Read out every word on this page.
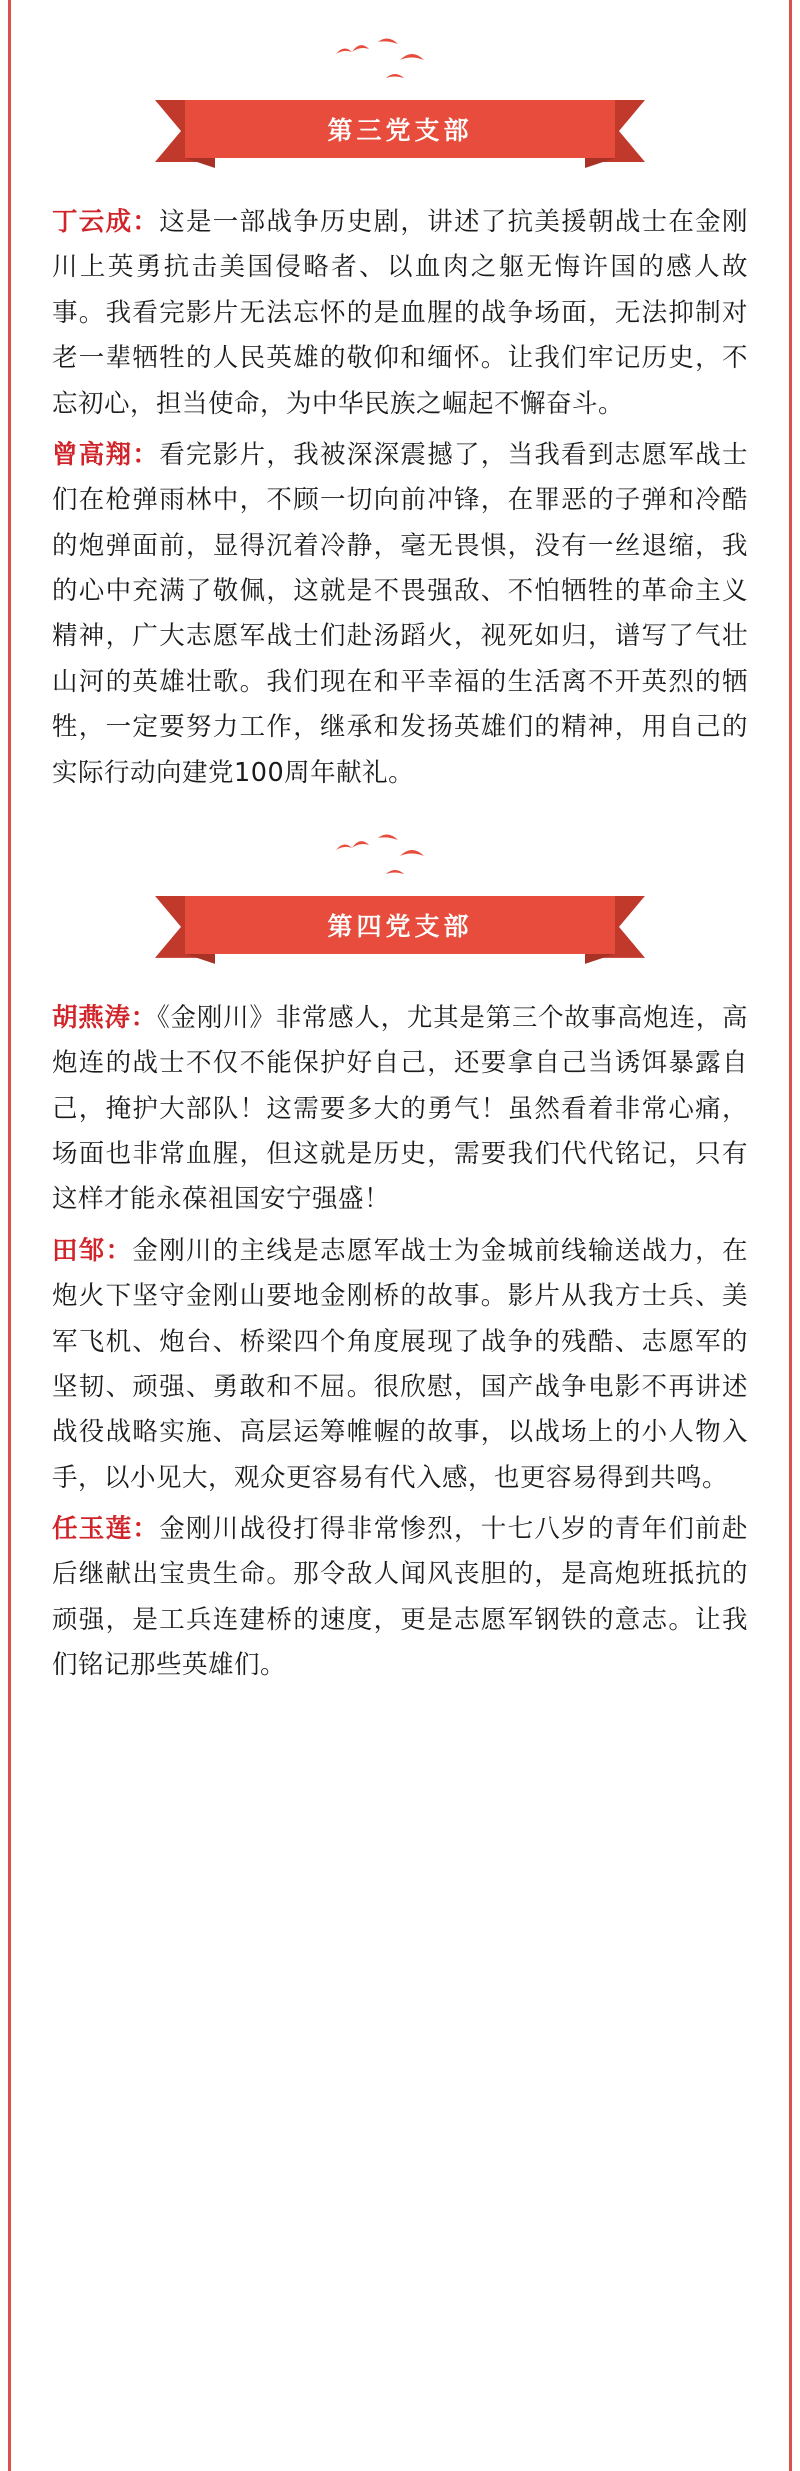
第三党支部

丁云成：这是一部战争历史剧，讲述了抗美援朝战士在金刚川上英勇抗击美国侵略者、以血肉之躯无悔许国的感人故事。我看完影片无法忘怀的是血腥的战争场面，无法抑制对老一辈牺牲的人民英雄的敬仰和缅怀。让我们牢记历史，不忘初心，担当使命，为中华民族之崛起不懈奋斗。

曾高翔：看完影片，我被深深震撼了，当我看到志愿军战士们在枪弹雨林中，不顾一切向前冲锋，在罪恶的子弹和冷酷的炮弹面前，显得沉着冷静，毫无畏惧，没有一丝退缩，我的心中充满了敬佩，这就是不畏强敌、不怕牺牲的革命主义精神，广大志愿军战士们赴汤蹈火，视死如归，谱写了气壮山河的英雄壮歌。我们现在和平幸福的生活离不开英烈的牺牲，一定要努力工作，继承和发扬英雄们的精神，用自己的实际行动向建党100周年献礼。

第四党支部

胡燕涛：《金刚川》非常感人，尤其是第三个故事高炮连，高炮连的战士不仅不能保护好自己，还要拿自己当诱饵暴露自己，掩护大部队！这需要多大的勇气！虽然看着非常心痛，场面也非常血腥，但这就是历史，需要我们代代铭记，只有这样才能永葆祖国安宁强盛！

田邹：金刚川的主线是志愿军战士为金城前线输送战力，在炮火下坚守金刚山要地金刚桥的故事。影片从我方士兵、美军飞机、炮台、桥梁四个角度展现了战争的残酷、志愿军的坚韧、顽强、勇敢和不屈。很欣慰，国产战争电影不再讲述战役战略实施、高层运筹帷幄的故事，以战场上的小人物入手，以小见大，观众更容易有代入感，也更容易得到共鸣。

任玉莲：金刚川战役打得非常惨烈，十七八岁的青年们前赴后继献出宝贵生命。那令敌人闻风丧胆的，是高炮班抵抗的顽强，是工兵连建桥的速度，更是志愿军钢铁的意志。让我们铭记那些英雄们。
